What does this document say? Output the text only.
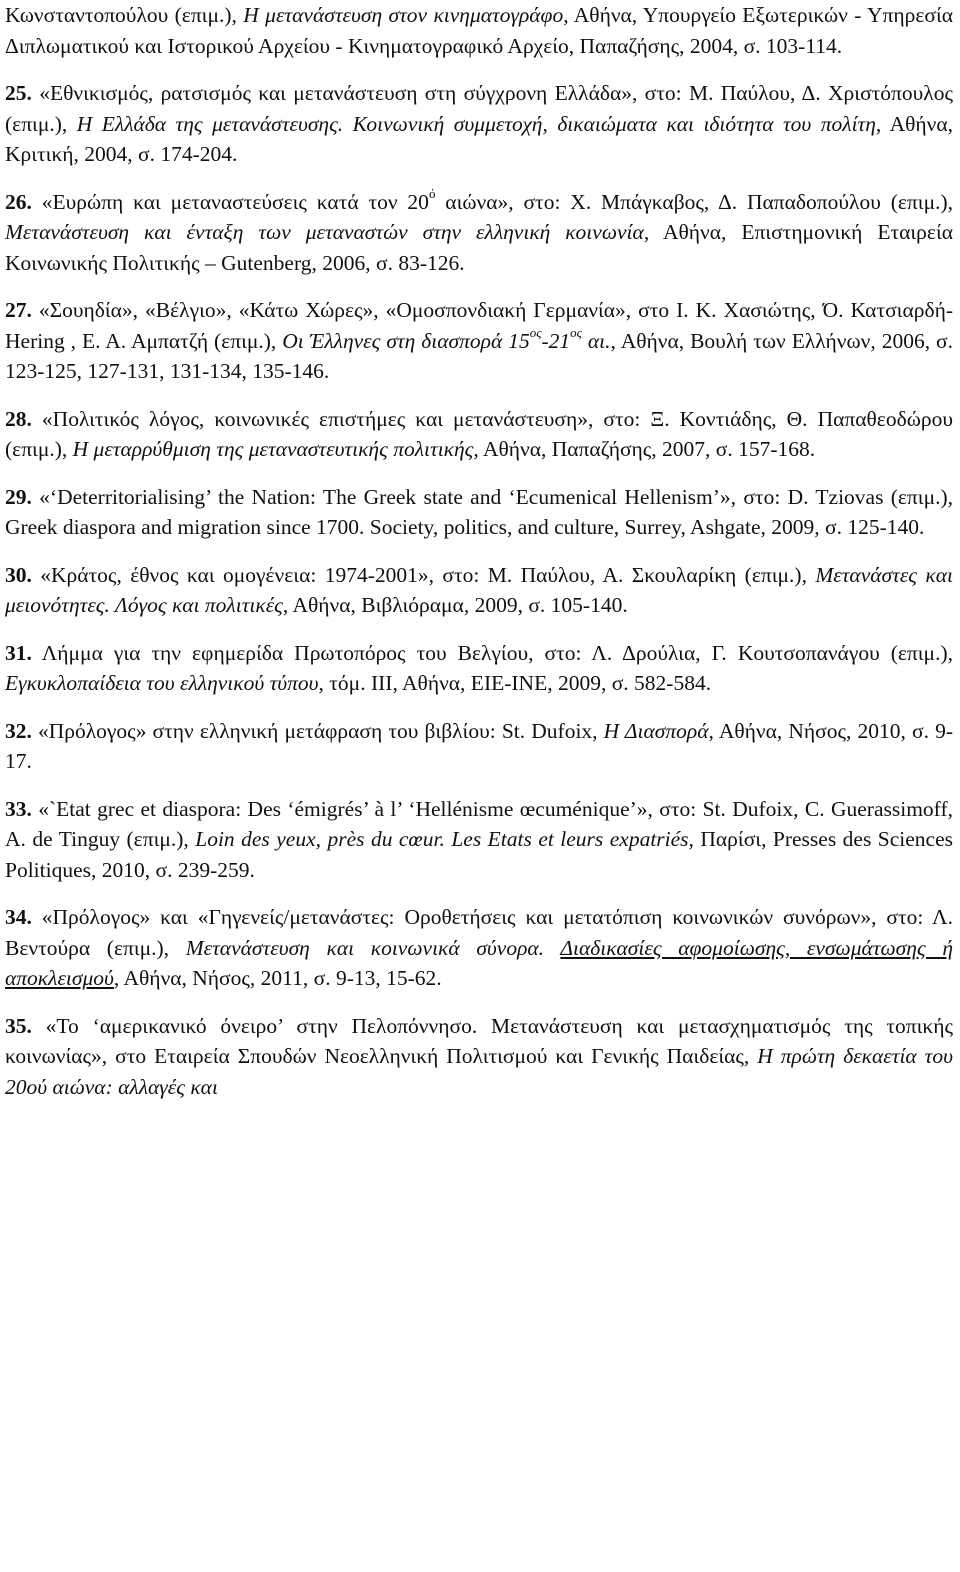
Κωνσταντοπούλου (επιμ.), Η μετανάστευση στον κινηματογράφο, Αθήνα, Υπουργείο Εξωτερικών - Υπηρεσία Διπλωματικού και Ιστορικού Αρχείου - Κινηματογραφικό Αρχείο, Παπαζήσης, 2004, σ. 103-114.

25. «Εθνικισμός, ρατσισμός και μετανάστευση στη σύγχρονη Ελλάδα», στο: Μ. Παύλου, Δ. Χριστόπουλος (επιμ.), Η Ελλάδα της μετανάστευσης. Κοινωνική συμμετοχή, δικαιώματα και ιδιότητα του πολίτη, Αθήνα, Κριτική, 2004, σ. 174-204.

26. «Ευρώπη και μεταναστεύσεις κατά τον $20^ό$ αιώνα», στο: Χ. Μπάγκαβος, Δ. Παπαδοπούλου (επιμ.), Μετανάστευση και ένταξη των μεταναστών στην ελληνική κοινωνία, Αθήνα, Επιστημονική Εταιρεία Κοινωνικής Πολιτικής – Gutenberg, 2006, σ. 83-126.

27. «Σουηδία», «Βέλγιο», «Κάτω Χώρες», «Ομοσπονδιακή Γερμανία», στο Ι. Κ. Χασιώτης, Ό. Κατσιαρδή-Hering , Ε. Α. Αμπατζή (επιμ.), Οι Έλληνες στη διασπορά $15^{o\varsigma}-21^{o\varsigma}$ αι., Αθήνα, Βουλή των Ελλήνων, 2006, σ. 123-125, 127-131, 131-134, 135-146.

28. «Πολιτικός λόγος, κοινωνικές επιστήμες και μετανάστευση», στο: Ξ. Κοντιάδης, Θ. Παπαθεοδώρου (επιμ.), Η μεταρρύθμιση της μεταναστευτικής πολιτικής, Αθήνα, Παπαζήσης, 2007, σ. 157-168.

29. «‘Deterritorialising’ the Nation: The Greek state and ‘Ecumenical Hellenism’», στο: D. Tziovas (επιμ.), Greek diaspora and migration since 1700. Society, politics, and culture, Surrey, Ashgate, 2009, σ. 125-140.

30. «Κράτος, έθνος και ομογένεια: 1974-2001», στο: Μ. Παύλου, Α. Σκουλαρίκη (επιμ.), Μετανάστες και μειονότητες. Λόγος και πολιτικές, Αθήνα, Βιβλιόραμα, 2009, σ. 105-140.

31. Λήμμα για την εφημερίδα Πρωτοπόρος του Βελγίου, στο: Λ. Δρούλια, Γ. Κουτσοπανάγου (επιμ.), Εγκυκλοπαίδεια του ελληνικού τύπου, τόμ. ΙΙΙ, Αθήνα, ΕΙΕ-ΙΝΕ, 2009, σ. 582-584.

32. «Πρόλογος» στην ελληνική μετάφραση του βιβλίου: St. Dufoix, Η Διασπορά, Αθήνα, Νήσος, 2010, σ. 9-17.

33. «`Etat grec et diaspora: Des ‘émigrés’ à l’ ‘Hellénisme œcuménique’», στο: St. Dufoix, C. Guerassimoff, A. de Tinguy (επιμ.), Loin des yeux, près du cœur. Les Etats et leurs expatriés, Παρίσι, Presses des Sciences Politiques, 2010, σ. 239-259.

34. «Πρόλογος» και «Γηγενείς/μετανάστες: Οροθετήσεις και μετατόπιση κοινωνικών συνόρων», στο: Λ. Βεντούρα (επιμ.), Μετανάστευση και κοινωνικά σύνορα. Διαδικασίες αφομοίωσης, ενσωμάτωσης ή αποκλεισμού, Αθήνα, Νήσος, 2011, σ. 9-13, 15-62.

35. «Το ‘αμερικανικό όνειρο’ στην Πελοπόννησο. Μετανάστευση και μετασχηματισμός της τοπικής κοινωνίας», στο Εταιρεία Σπουδών Νεοελληνική Πολιτισμού και Γενικής Παιδείας, Η πρώτη δεκαετία του 20ού αιώνα: αλλαγές και
